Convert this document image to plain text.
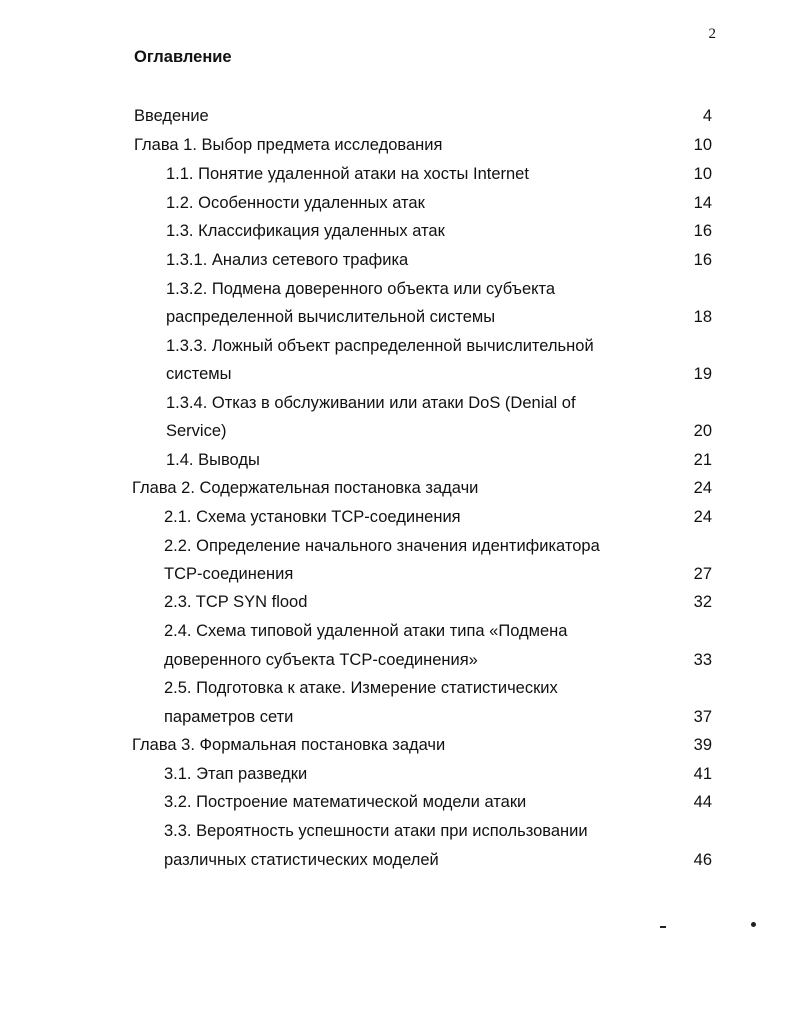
2
Оглавление
Введение	4
Глава 1. Выбор предмета исследования	10
1.1. Понятие удаленной атаки на хосты Internet	10
1.2. Особенности удаленных атак	14
1.3. Классификация удаленных атак	16
1.3.1. Анализ сетевого трафика	16
1.3.2. Подмена доверенного объекта или субъекта
распределенной вычислительной системы	18
1.3.3. Ложный объект распределенной вычислительной
системы	19
1.3.4. Отказ в обслуживании или атаки DoS (Denial of
Service)	20
1.4. Выводы	21
Глава 2. Содержательная постановка задачи	24
2.1. Схема установки TCP-соединения	24
2.2. Определение начального значения идентификатора
TCP-соединения	27
2.3. TCP SYN flood	32
2.4. Схема типовой удаленной атаки типа «Подмена
доверенного субъекта TCP-соединения»	33
2.5. Подготовка к атаке. Измерение статистических
параметров сети	37
Глава 3. Формальная постановка задачи	39
3.1. Этап разведки	41
3.2. Построение математической модели атаки	44
3.3. Вероятность успешности атаки при использовании
различных статистических моделей	46
